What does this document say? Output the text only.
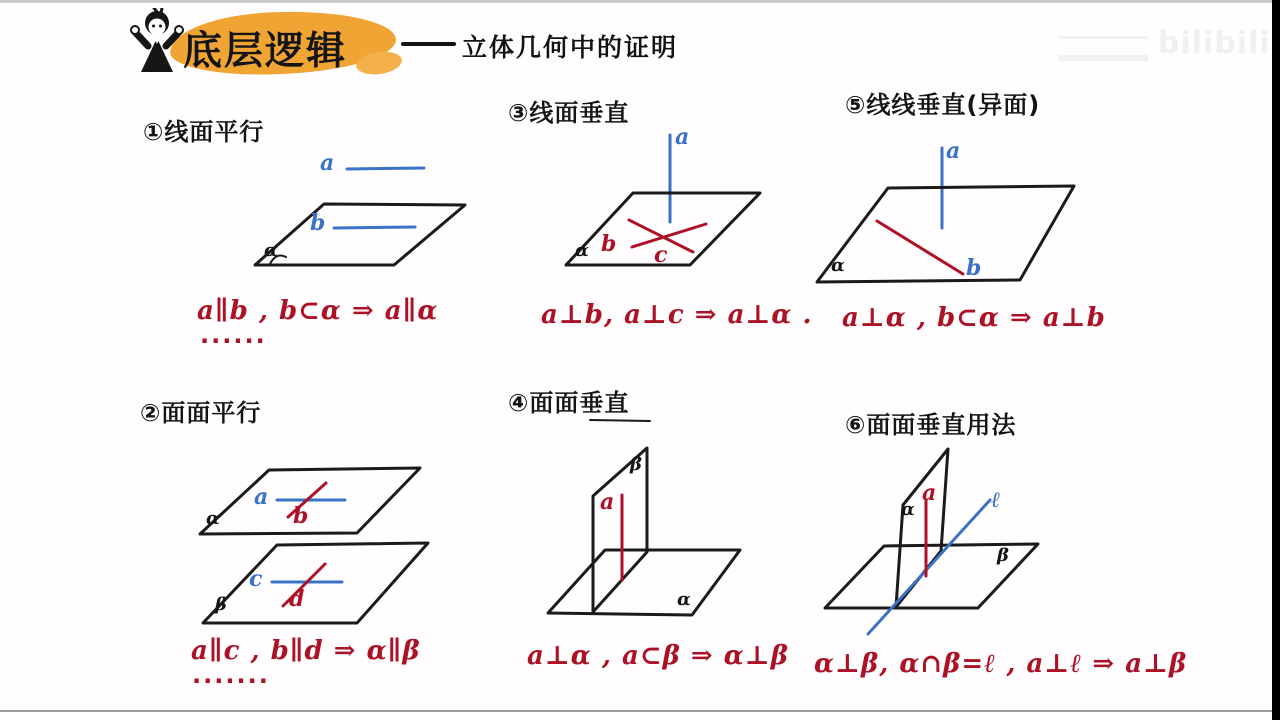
bilibili
底层逻辑	立体几何中的证明
①线面平行
②面面平行
③线面垂直
④面面垂直
⑤线线垂直(异面)
⑥面面垂直用法
a∥b , b⊂α ⇒ a∥α
......
a∥c , b∥d ⇒ α∥β
.......
a⊥b, a⊥c ⇒ a⊥α .
a⊥α , a⊂β ⇒ α⊥β
a⊥α , b⊂α ⇒ a⊥b
α⊥β, α∩β=ℓ , a⊥ℓ ⇒ a⊥β
a
b
α
a
b
α
c
d
β
a
b c
α
β
a
α
a
b
α
α
a ℓ
β
